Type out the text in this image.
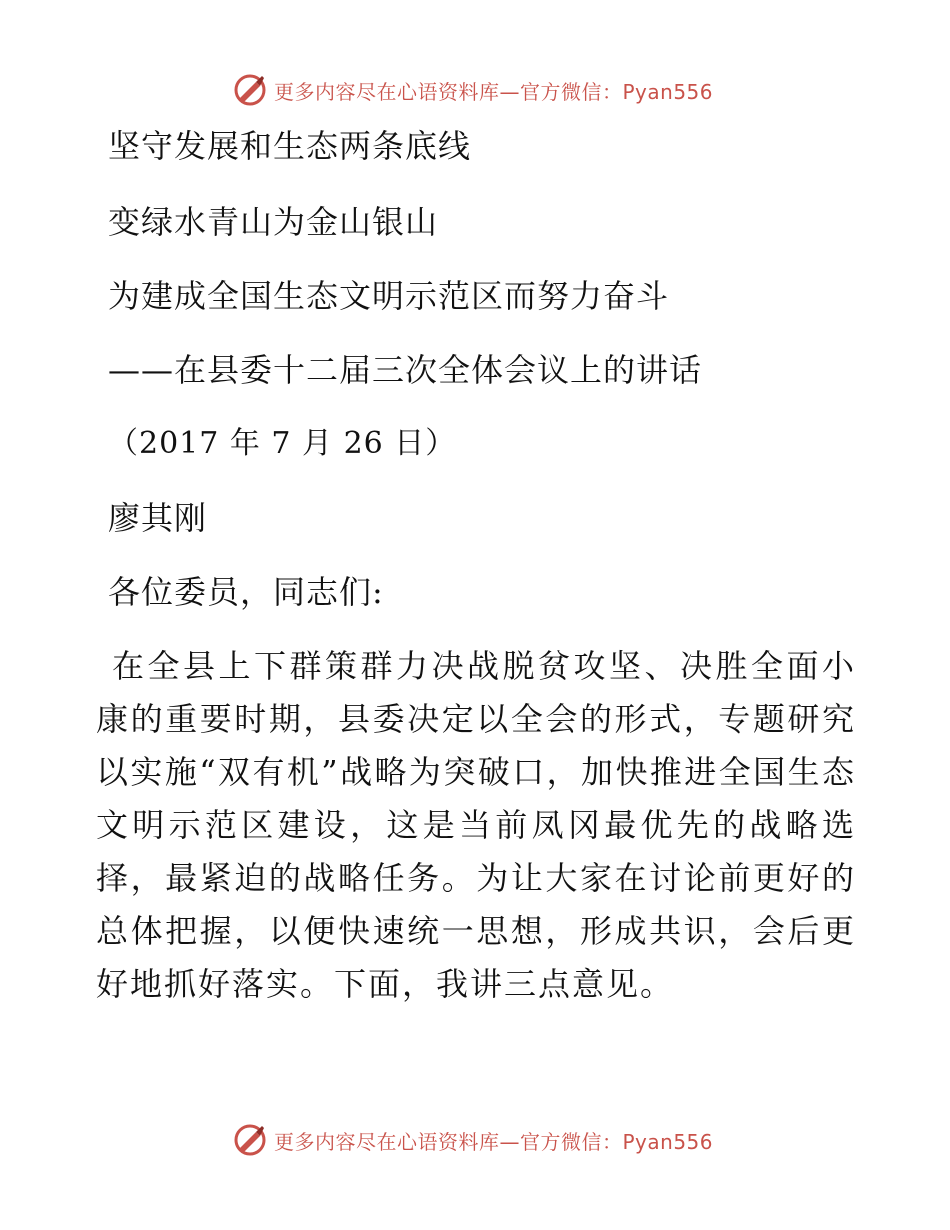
更多内容尽在心语资料库—官方微信：Pyan556
坚守发展和生态两条底线
变绿水青山为金山银山
为建成全国生态文明示范区而努力奋斗
——在县委十二届三次全体会议上的讲话
（2017 年 7 月 26 日）
廖其刚
各位委员，同志们:
在全县上下群策群力决战脱贫攻坚、决胜全面小康的重要时期，县委决定以全会的形式，专题研究以实施“双有机”战略为突破口，加快推进全国生态文明示范区建设，这是当前凤冈最优先的战略选择，最紧迫的战略任务。为让大家在讨论前更好的总体把握，以便快速统一思想，形成共识，会后更好地抓好落实。下面，我讲三点意见。
更多内容尽在心语资料库—官方微信：Pyan556
